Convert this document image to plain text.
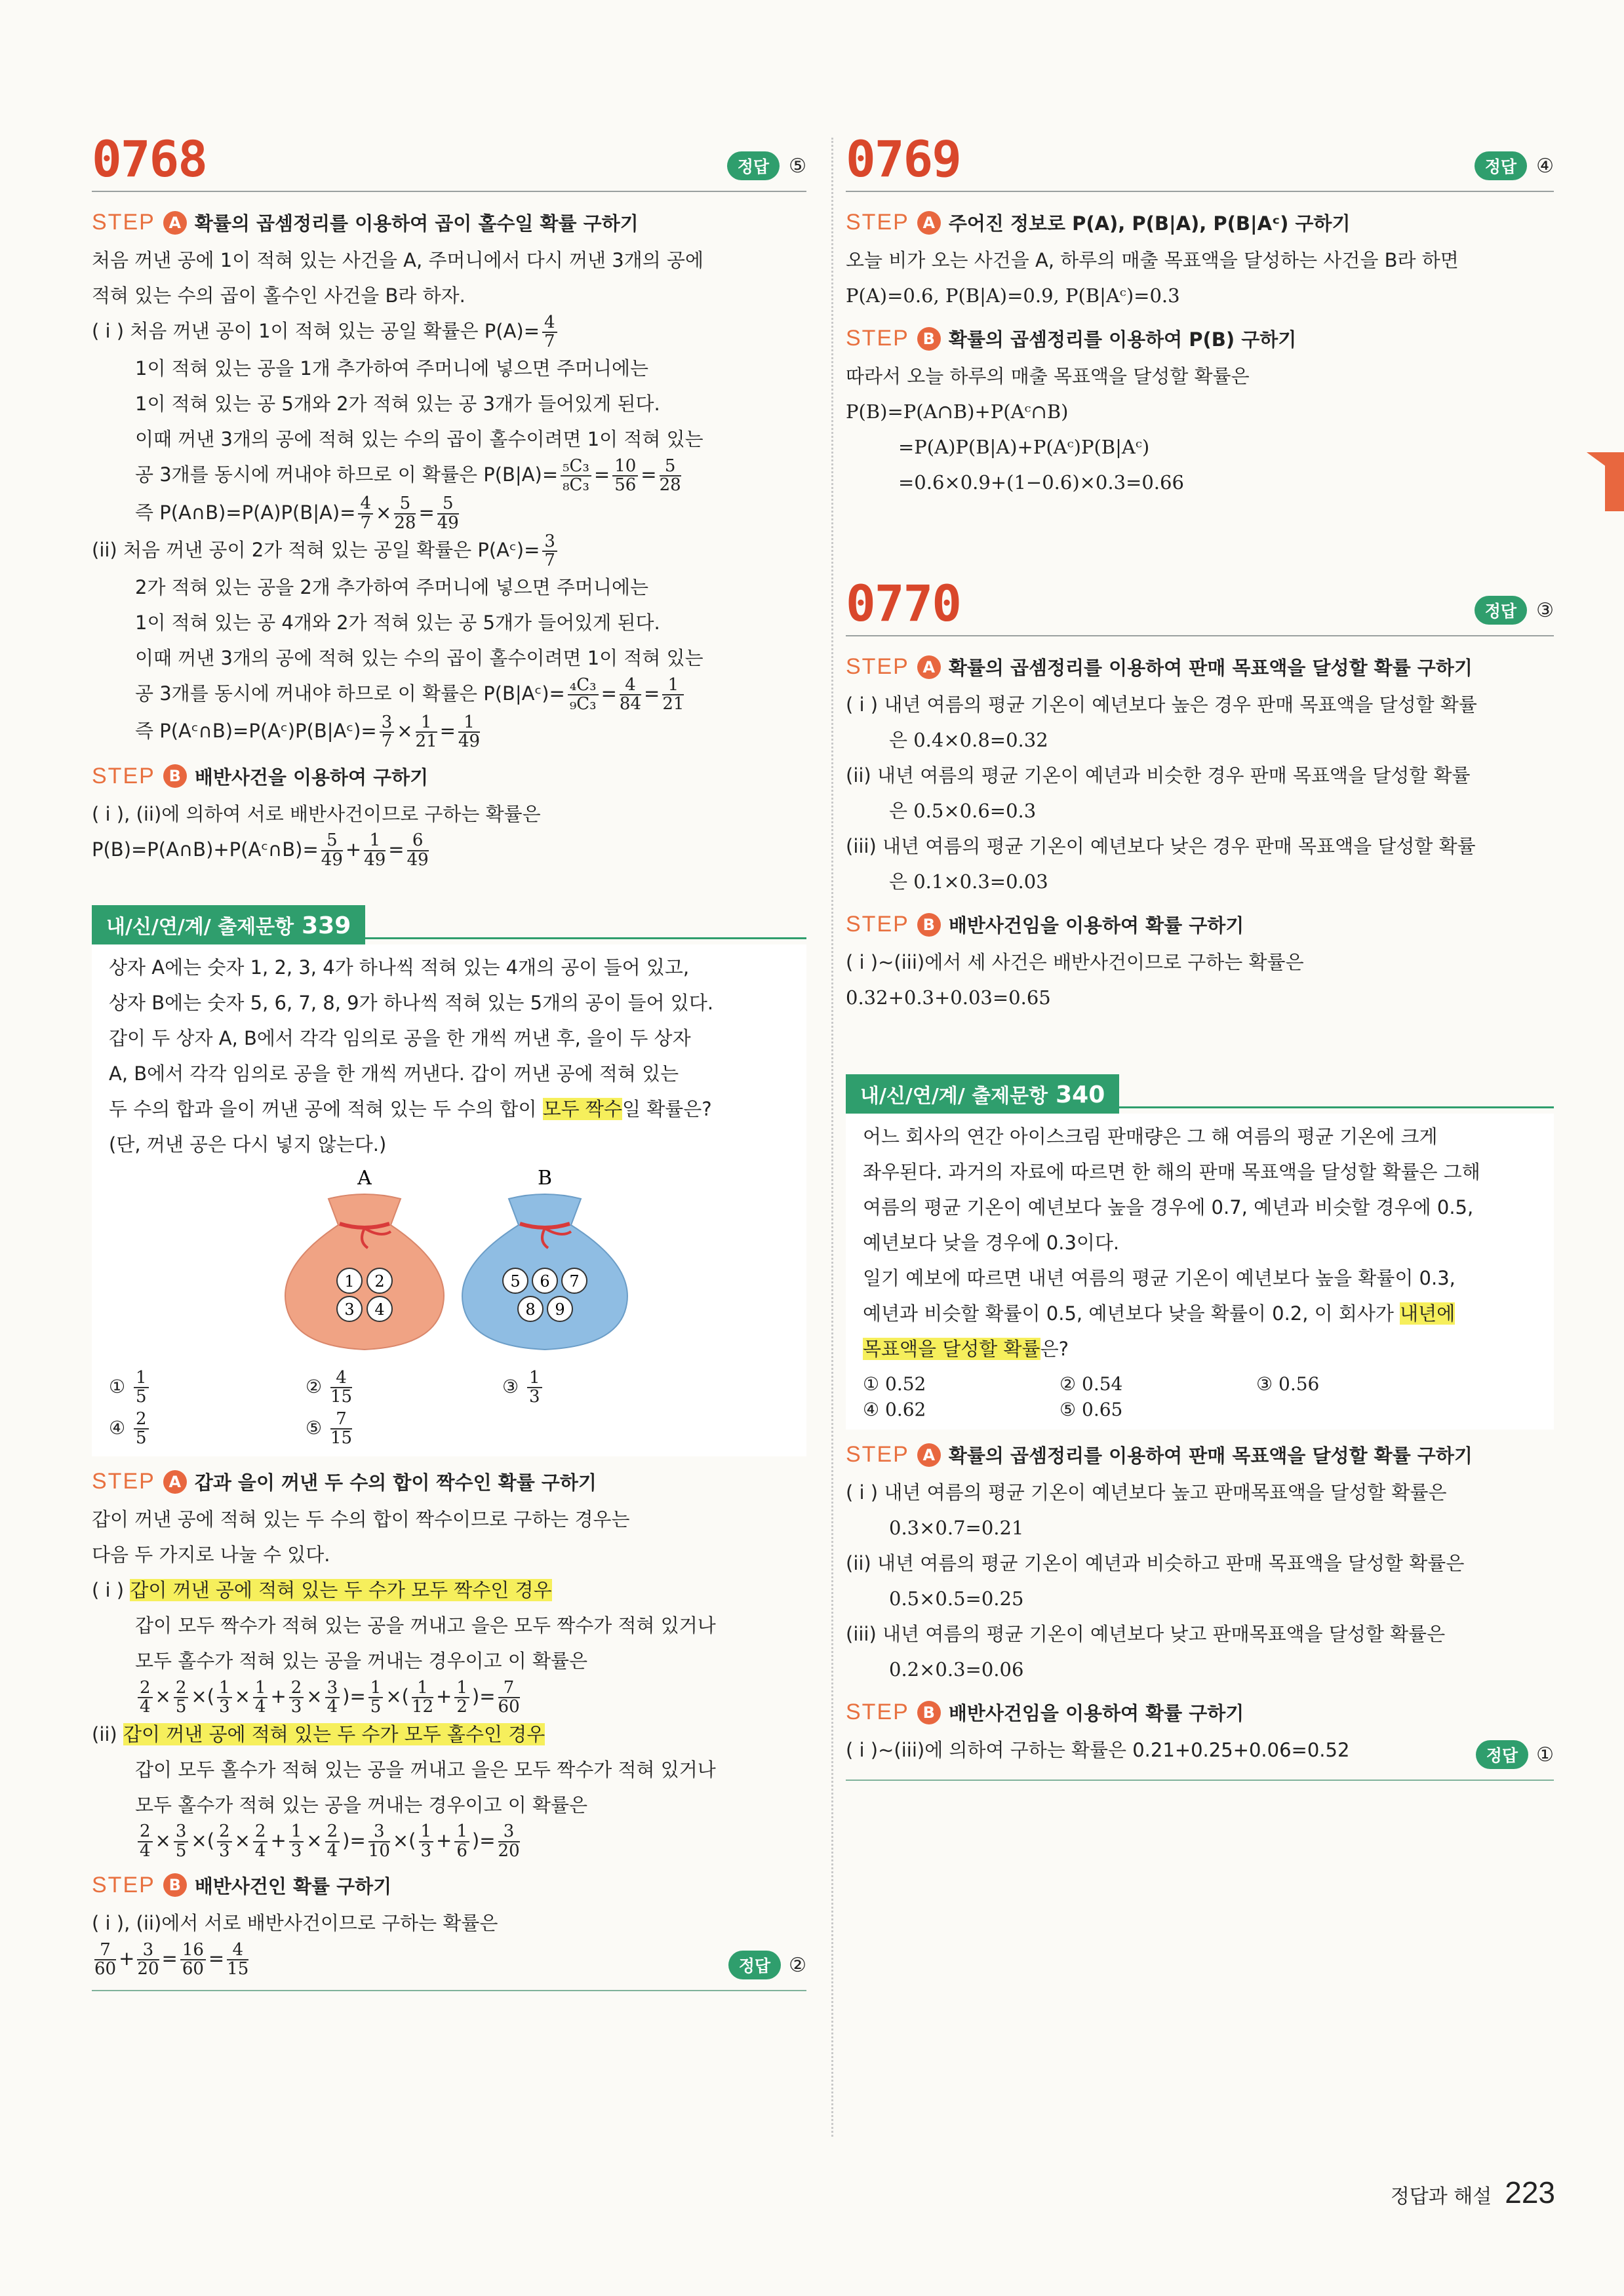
0768	정답	⑤
STEP A 확률의 곱셈정리를 이용하여 곱이 홀수일 확률 구하기

처음 꺼낸 공에 1이 적혀 있는 사건을 A, 주머니에서 다시 꺼낸 3개의 공에

적혀 있는 수의 곱이 홀수인 사건을 B라 하자.

( i ) 처음 꺼낸 공이 1이 적혀 있는 공일 확률은 $P(A)= \frac{4}{7}$

1이 적혀 있는 공을 1개 추가하여 주머니에 넣으면 주머니에는

1이 적혀 있는 공 5개와 2가 적혀 있는 공 3개가 들어있게 된다.

이때 꺼낸 3개의 공에 적혀 있는 수의 곱이 홀수이려면 1이 적혀 있는

공 3개를 동시에 꺼내야 하므로 이 확률은 $P(B|A)= \frac{\text{₅C₃}}{\text{₈C₃}} = \frac{10}{56} = \frac{5}{28}$

즉 P(A∩B)=P(A)P(B|A)= $\frac{4}{7} \times \frac{5}{28} = \frac{5}{49}$

(ii) 처음 꺼낸 공이 2가 적혀 있는 공일 확률은 P(Aᶜ)= $\frac{3}{7}$

2가 적혀 있는 공을 2개 추가하여 주머니에 넣으면 주머니에는

1이 적혀 있는 공 4개와 2가 적혀 있는 공 5개가 들어있게 된다.

이때 꺼낸 3개의 공에 적혀 있는 수의 곱이 홀수이려면 1이 적혀 있는

공 3개를 동시에 꺼내야 하므로 이 확률은 P(B|Aᶜ)= $\frac{\text{₄C₃}}{\text{₉C₃}} = \frac{4}{84} = \frac{1}{21}$

즉 P(Aᶜ∩B)=P(Aᶜ)P(B|Aᶜ)= $\frac{3}{7} \times \frac{1}{21} = \frac{1}{49}$

STEP B 배반사건을 이용하여 구하기

( i ), (ii)에 의하여 서로 배반사건이므로 구하는 확률은

P(B)=P(A∩B)+P(Aᶜ∩B)= $\frac{5}{49} + \frac{1}{49} = \frac{6}{49}$

내/신/연/계/ 출제문항 339

상자 A에는 숫자 1, 2, 3, 4가 하나씩 적혀 있는 4개의 공이 들어 있고,

상자 B에는 숫자 5, 6, 7, 8, 9가 하나씩 적혀 있는 5개의 공이 들어 있다.

갑이 두 상자 A, B에서 각각 임의로 공을 한 개씩 꺼낸 후, 을이 두 상자

A, B에서 각각 임의로 공을 한 개씩 꺼낸다. 갑이 꺼낸 공에 적혀 있는

두 수의 합과 을이 꺼낸 공에 적혀 있는 두 수의 합이 모두 짝수일 확률은?

(단, 꺼낸 공은 다시 넣지 않는다.)

A	B
1 2
3 4
5 6 7
8 9
① $\frac{1}{5}$	② $\frac{4}{15}$	③ $\frac{1}{3}$
④ $\frac{2}{5}$	⑤ $\frac{7}{15}$
STEP A 갑과 을이 꺼낸 두 수의 합이 짝수인 확률 구하기

갑이 꺼낸 공에 적혀 있는 두 수의 합이 짝수이므로 구하는 경우는

다음 두 가지로 나눌 수 있다.

( i ) 갑이 꺼낸 공에 적혀 있는 두 수가 모두 짝수인 경우

갑이 모두 짝수가 적혀 있는 공을 꺼내고 을은 모두 짝수가 적혀 있거나

모두 홀수가 적혀 있는 공을 꺼내는 경우이고 이 확률은

$\frac{2}{4} \times \frac{2}{5}$ ×( $\frac{1}{3} \times \frac{1}{4} + \frac{2}{3} \times \frac{3}{4}$ )= $\frac{1}{5}$ ×( $\frac{1}{12} + \frac{1}{2}$ )= $\frac{7}{60}$

(ii) 갑이 꺼낸 공에 적혀 있는 두 수가 모두 홀수인 경우

갑이 모두 홀수가 적혀 있는 공을 꺼내고 을은 모두 짝수가 적혀 있거나

모두 홀수가 적혀 있는 공을 꺼내는 경우이고 이 확률은

$\frac{2}{4} \times \frac{3}{5}$ ×( $\frac{2}{3} \times \frac{2}{4} + \frac{1}{3} \times \frac{2}{4}$ )= $\frac{3}{10}$ ×( $\frac{1}{3} + \frac{1}{6}$ )= $\frac{3}{20}$

STEP B 배반사건인 확률 구하기

( i ), (ii)에서 서로 배반사건이므로 구하는 확률은

$\frac{7}{60} + \frac{3}{20} = \frac{16}{60} = \frac{4}{15}$	정답 ②
0769	정답	④
STEP A 주어진 정보로 P(A), P(B|A), P(B|Aᶜ) 구하기

오늘 비가 오는 사건을 A, 하루의 매출 목표액을 달성하는 사건을 B라 하면

P(A)=0.6, P(B|A)=0.9, P(B|Aᶜ)=0.3

STEP B 확률의 곱셈정리를 이용하여 P(B) 구하기

따라서 오늘 하루의 매출 목표액을 달성할 확률은

P(B)=P(A∩B)+P(Aᶜ∩B)

=P(A)P(B|A)+P(Aᶜ)P(B|Aᶜ)

=0.6×0.9+(1−0.6)×0.3=0.66

0770	정답	③
STEP A 확률의 곱셈정리를 이용하여 판매 목표액을 달성할 확률 구하기

( i ) 내년 여름의 평균 기온이 예년보다 높은 경우 판매 목표액을 달성할 확률

은 0.4×0.8=0.32

(ii) 내년 여름의 평균 기온이 예년과 비슷한 경우 판매 목표액을 달성할 확률

은 0.5×0.6=0.3

(iii) 내년 여름의 평균 기온이 예년보다 낮은 경우 판매 목표액을 달성할 확률

은 0.1×0.3=0.03

STEP B 배반사건임을 이용하여 확률 구하기

( i )~(iii)에서 세 사건은 배반사건이므로 구하는 확률은

0.32+0.3+0.03=0.65

내/신/연/계/ 출제문항 340

어느 회사의 연간 아이스크림 판매량은 그 해 여름의 평균 기온에 크게

좌우된다. 과거의 자료에 따르면 한 해의 판매 목표액을 달성할 확률은 그해

여름의 평균 기온이 예년보다 높을 경우에 0.7, 예년과 비슷할 경우에 0.5,

예년보다 낮을 경우에 0.3이다.

일기 예보에 따르면 내년 여름의 평균 기온이 예년보다 높을 확률이 0.3,

예년과 비슷할 확률이 0.5, 예년보다 낮을 확률이 0.2, 이 회사가 내년에

목표액을 달성할 확률은?

① 0.52	② 0.54	③ 0.56
④ 0.62	⑤ 0.65
STEP A 확률의 곱셈정리를 이용하여 판매 목표액을 달성할 확률 구하기

( i ) 내년 여름의 평균 기온이 예년보다 높고 판매목표액을 달성할 확률은

0.3×0.7=0.21

(ii) 내년 여름의 평균 기온이 예년과 비슷하고 판매 목표액을 달성할 확률은

0.5×0.5=0.25

(iii) 내년 여름의 평균 기온이 예년보다 낮고 판매목표액을 달성할 확률은

0.2×0.3=0.06

STEP B 배반사건임을 이용하여 확률 구하기

( i )~(iii)에 의하여 구하는 확률은 0.21+0.25+0.06=0.52	정답 ①
정답과 해설 223
